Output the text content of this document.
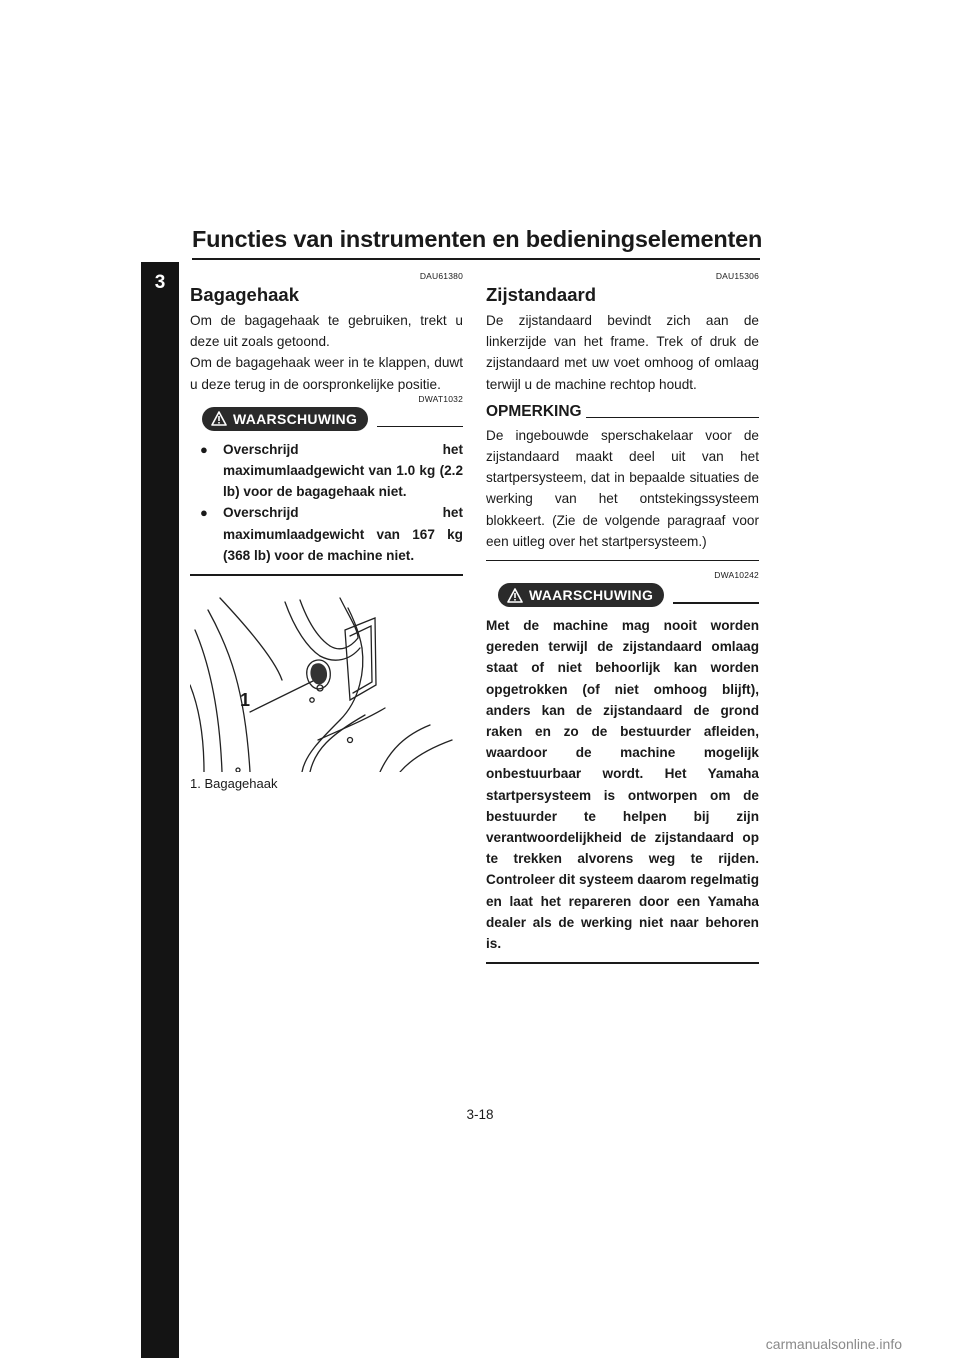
Functies van instrumenten en bedieningselementen
3	DAU61380
Bagagehaak

Om de bagagehaak te gebruiken, trekt u deze uit zoals getoond.

Om de bagagehaak weer in te klappen, duwt u deze terug in de oorspronkelijke positie.

DWAT1032
WAARSCHUWING
● Overschrijd het maximumlaadgewicht van 1.0 kg (2.2 lb) voor de bagagehaak niet.
● Overschrijd het maximumlaadgewicht van 167 kg (368 lb) voor de machine niet.
1
1. Bagagehaak
DAU15306
Zijstandaard

De zijstandaard bevindt zich aan de linkerzijde van het frame. Trek of druk de zijstandaard met uw voet omhoog of omlaag terwijl u de machine rechtop houdt.

OPMERKING

De ingebouwde sperschakelaar voor de zijstandaard maakt deel uit van het startpersysteem, dat in bepaalde situaties de werking van het ontstekingssysteem blokkeert. (Zie de volgende paragraaf voor een uitleg over het startpersysteem.)

DWA10242
WAARSCHUWING

Met de machine mag nooit worden gereden terwijl de zijstandaard omlaag staat of niet behoorlijk kan worden opgetrokken (of niet omhoog blijft), anders kan de zijstandaard de grond raken en zo de bestuurder afleiden, waardoor de machine mogelijk onbestuurbaar wordt. Het Yamaha startpersysteem is ontworpen om de bestuurder te helpen bij zijn verantwoordelijkheid de zijstandaard op te trekken alvorens weg te rijden. Controleer dit systeem daarom regelmatig en laat het repareren door een Yamaha dealer als de werking niet naar behoren is.

3-18
carmanualsonline.info
